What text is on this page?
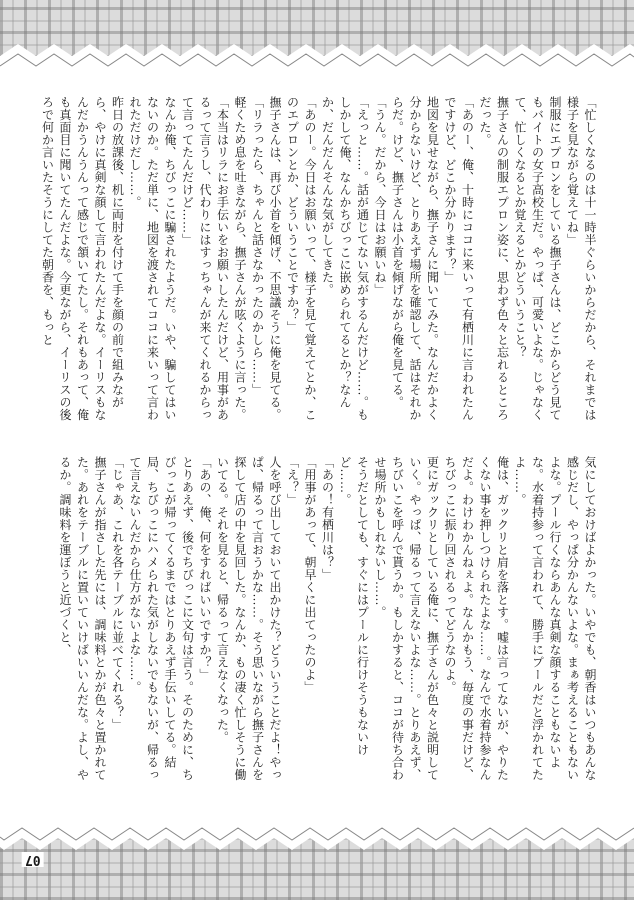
「忙しくなるのは十一時半ぐらいからだから、それまでは様子を見ながら覚えてね」
制服にエプロンをしている撫子さんは、どこからどう見てもバイトの女子高校生だ。やっぱ、可愛いよな。じゃなくて、忙しくなるとか覚えるとかどういうこと？
撫子さんの制服エプロン姿に、思わず色々と忘れるところだった。
「あのー、俺、十時にココに来いって有栖川に言われたんですけど、どこか分かります？」
地図を見せながら、撫子さんに聞いてみた。なんだかよく分からないけど、とりあえず場所を確認して、話はそれからだ。けど、撫子さんは小首を傾げながら俺を見てる。
「うん。だから、今日はお願いね」
「えっと……。話が通じてない気がするんだけど……。もしかして俺、なんかちびっこに嵌められてるとか？なんか、だんだんそんな気がしてきた。
「あのー。今日はお願いって、様子を見て覚えてとか、このエプロンとか、どういうことですか？」
撫子さんは、再び小首を傾げ、不思議そうに俺を見てる。
「リラったら、ちゃんと話さなかったのかしら……」
軽くため息を吐きながら、撫子さんが呟くように言った。
「本当はリラにお手伝いをお願いしたんだけど、用事があるって言うし、代わりにはすっちゃんが来てくれるからって言ってたんだけど……」
なんか俺、ちびっこに騙されたようだ。いや、騙してはいないのか。ただ単に、地図を渡されてココに来いって言われただけだし……。
昨日の放課後、机に両肘を付けて手を顔の前で組みながら、やけに真剣な顔して言われたんだよな。イーリスもなんだかうんうんって感じで頷いてたし。それもあって、俺も真面目に聞いてたんだよな。今更ながら、イーリスの後ろで何か言いたそうにしてた朝香を、もっと
気にしておけばよかった。いやでも、朝香はいつもあんな感じだし、やっぱ分かんないよな。まぁ考えることもないよな。プール行くならあんな真剣な顔することもないよな。水着持参って言われて、勝手にプールだと浮かれてたよ……。
俺は、ガックリと肩を落とす。嘘は言ってないが、やりたくない事を押しつけられたよな……。なんで水着持参なんだよ。わけわかんねぇよ。なんかもう、毎度の事だけど、ちびっこに振り回されるってどうなのよ。
更にガックリとしている俺に、撫子さんが色々と説明していく。やっぱ、帰るって言えないよな……。とりあえず、ちびいこを呼んで貰うか。もしかすると、ココが待ち合わせ場所かもしれないし……。
そうだとしても、すぐにはプールに行けそうもないけど……。
「あの！有栖川は？」
「用事があって、朝早くに出てったのよ」
「え？」
人を呼び出しておいて出かけた？どういうことだよ！やっぱ、帰るって言おうかな……。そう思いながら撫子さんを探して店の中を見回した。なんか、もの凄く忙しそうに働いてる。それを見ると、帰るって言えなくなった。
「あの、俺、何をすればいいですか？」
とりあえず、後でちびっこに文句は言う。そのために、ちびっこが帰ってくるまではとりあえず手伝いしてる。結局、ちびっこにハメられた気がしないでもないが、帰るって言えないんだから仕方がないよな……。
「じゃあ、これを各テーブルに並べてくれる？」
撫子さんが指さした先には、調味料とかが色々と置かれてた。あれをテーブルに置いていけばいいんだな。よし、やるか。調味料を運ぼうと近づくと、
07
